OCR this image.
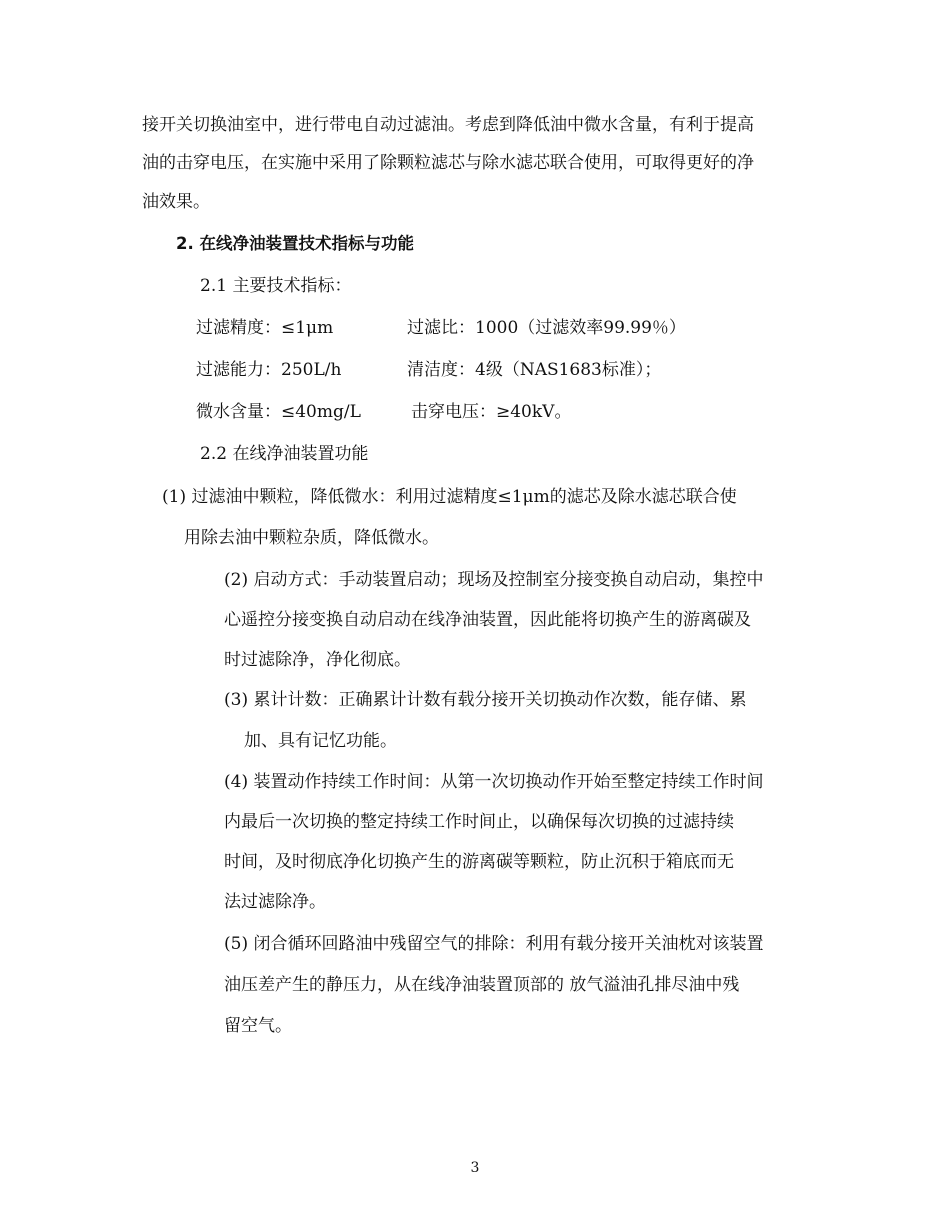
接开关切换油室中，进行带电自动过滤油。考虑到降低油中微水含量，有利于提高
油的击穿电压，在实施中采用了除颗粒滤芯与除水滤芯联合使用，可取得更好的净
油效果。
2. 在线净油装置技术指标与功能
2.1 主要技术指标：
过滤精度：≤1μm	过滤比：1000（过滤效率99.99％）
过滤能力：250L/h	清洁度：4级（NAS1683标准）；
微水含量：≤40mg/L	击穿电压：≥40kV。
2.2 在线净油装置功能
(1) 过滤油中颗粒，降低微水：利用过滤精度≤1μm的滤芯及除水滤芯联合使
用除去油中颗粒杂质，降低微水。
(2) 启动方式：手动装置启动；现场及控制室分接变换自动启动，集控中
心遥控分接变换自动启动在线净油装置，因此能将切换产生的游离碳及
时过滤除净，净化彻底。
(3) 累计计数：正确累计计数有载分接开关切换动作次数，能存储、累
加、具有记忆功能。
(4) 装置动作持续工作时间：从第一次切换动作开始至整定持续工作时间
内最后一次切换的整定持续工作时间止，以确保每次切换的过滤持续
时间，及时彻底净化切换产生的游离碳等颗粒，防止沉积于箱底而无
法过滤除净。
(5) 闭合循环回路油中残留空气的排除：利用有载分接开关油枕对该装置
油压差产生的静压力，从在线净油装置顶部的 放气溢油孔排尽油中残
留空气。
3
